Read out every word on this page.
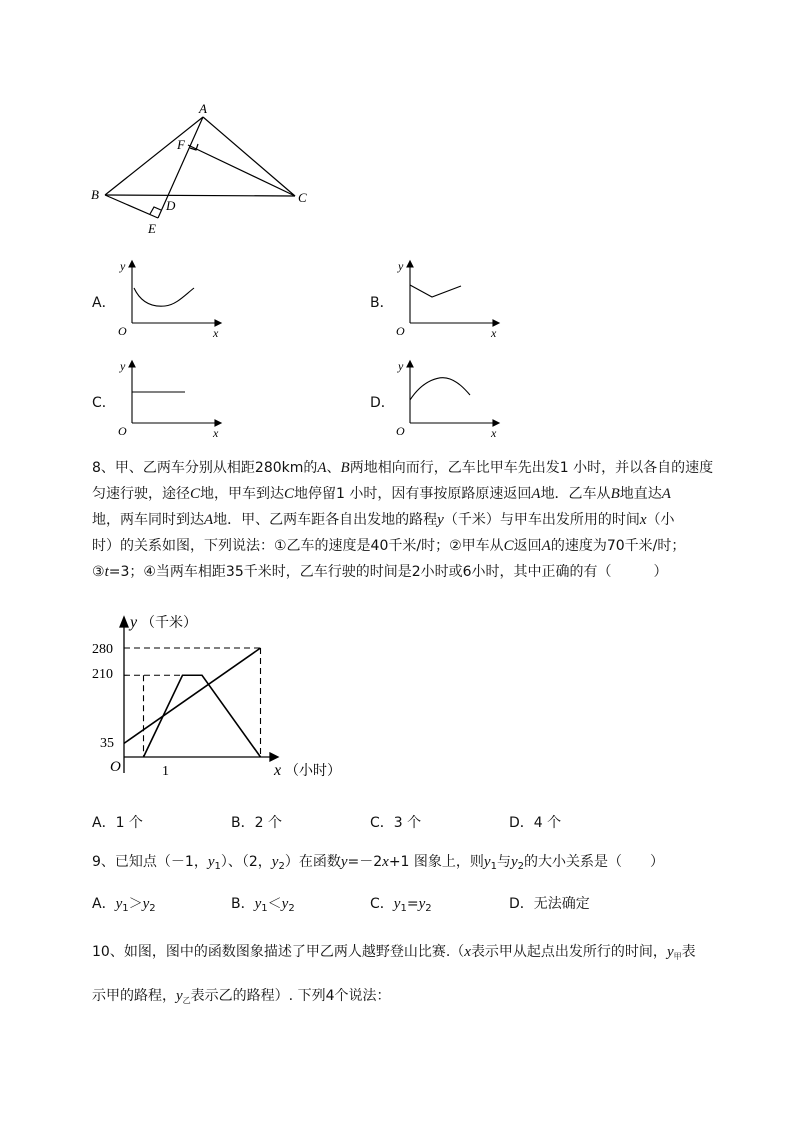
A
B	C
D
E
F
A．
y
x
O
B．
y
x
O
C．
y
x
O
D．
y
x
O
8、甲、乙两车分别从相距280km的A、B两地相向而行，乙车比甲车先出发1 小时，并以各自的速度
匀速行驶，途径C地，甲车到达C地停留1 小时，因有事按原路原速返回A地．乙车从B地直达A
地，两车同时到达A地．甲、乙两车距各自出发地的路程y（千米）与甲车出发所用的时间x（小
时）的关系如图，下列说法：①乙车的速度是40千米/时；②甲车从C返回A的速度为70千米/时；
③t=3；④当两车相距35千米时，乙车行驶的时间是2小时或6小时，其中正确的有（　　　）
y （千米）
x （小时）
O
280
210
35
1
A．1 个	B．2 个	C．3 个	D．4 个
9、已知点（－1，$y_1$）、（2，$y_2$）在函数y=－2x+1 图象上，则$y_1$与$y_2$的大小关系是（　　）
A．$y_1>y_2$	B．$y_1<y_2$	C．$y_1=y_2$	D．无法确定
10、如图，图中的函数图象描述了甲乙两人越野登山比赛.（x表示甲从起点出发所行的时间，$y_甲$表
示甲的路程，$y_乙$表示乙的路程）. 下列4个说法：
